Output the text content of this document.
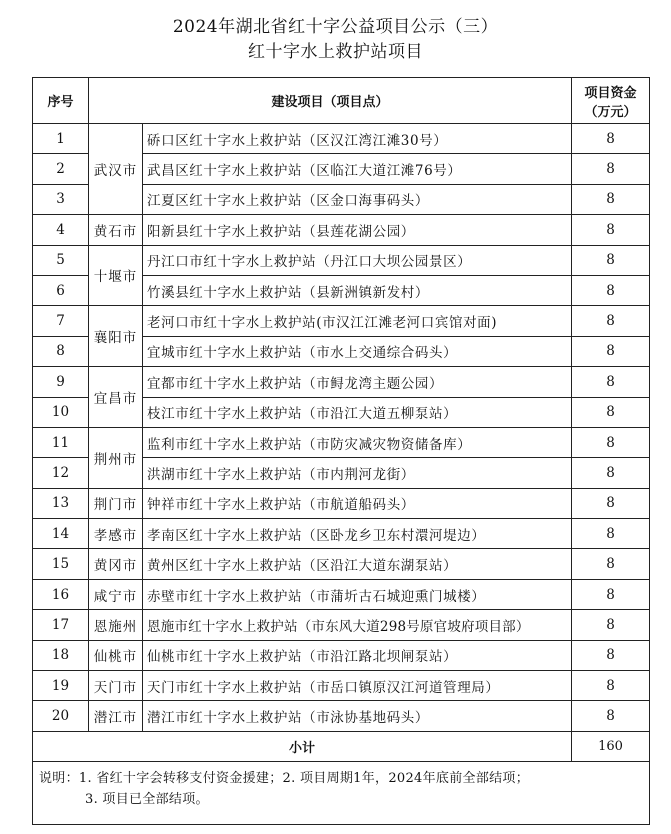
2024年湖北省红十字公益项目公示（三）
红十字水上救护站项目
序号	建设项目（项目点）		项目资金
（万元）

1	武汉市	硚口区红十字水上救护站（区汉江湾江滩30号）	8
2		武昌区红十字水上救护站（区临江大道江滩76号）	8
3		江夏区红十字水上救护站（区金口海事码头）	8
4	黄石市	阳新县红十字水上救护站（县莲花湖公园）	8
5	十堰市	丹江口市红十字水上救护站（丹江口大坝公园景区）	8
6		竹溪县红十字水上救护站（县新洲镇新发村）	8
7	襄阳市	老河口市红十字水上救护站(市汉江江滩老河口宾馆对面)	8
8		宜城市红十字水上救护站（市水上交通综合码头）	8
9	宜昌市	宜都市红十字水上救护站（市鲟龙湾主题公园）	8
10		枝江市红十字水上救护站（市沿江大道五柳泵站）	8
11	荆州市	监利市红十字水上救护站（市防灾减灾物资储备库）	8
12		洪湖市红十字水上救护站（市内荆河龙街）	8
13	荆门市	钟祥市红十字水上救护站（市航道船码头）	8
14	孝感市	孝南区红十字水上救护站（区卧龙乡卫东村澴河堤边）	8
15	黄冈市	黄州区红十字水上救护站（区沿江大道东湖泵站）	8
16	咸宁市	赤壁市红十字水上救护站（市蒲圻古石城迎熏门城楼）	8
17	恩施州	恩施市红十字水上救护站（市东风大道298号原官坡府项目部）	8
18	仙桃市	仙桃市红十字水上救护站（市沿江路北坝闸泵站）	8
19	天门市	天门市红十字水上救护站（市岳口镇原汉江河道管理局）	8
20	潜江市	潜江市红十字水上救护站（市泳协基地码头）	8
小计			160
说明：1. 省红十字会转移支付资金援建；2. 项目周期1年，2024年底前全部结项；
3. 项目已全部结项。			
